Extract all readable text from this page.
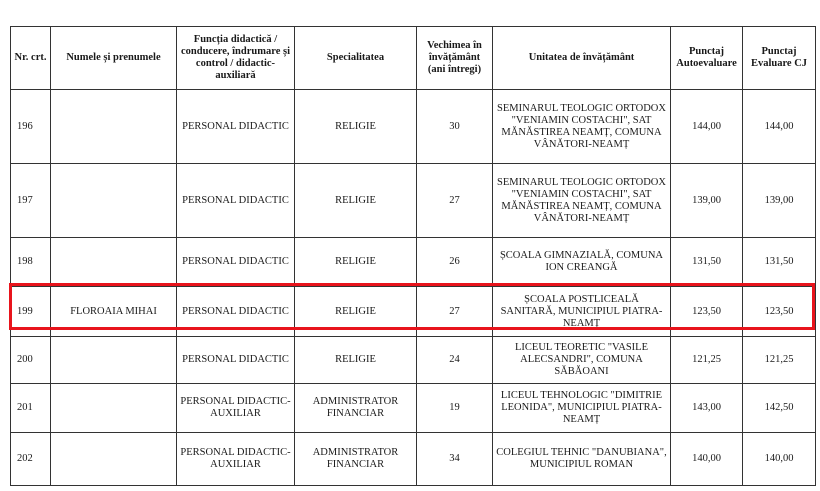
Nr. crt.	Numele și prenumele	Funcția didactică / conducere, îndrumare și control / didactic-auxiliară	Specialitatea	Vechimea în învățământ (ani întregi)	Unitatea de învățământ	Punctaj Autoevaluare	Punctaj Evaluare CJ
196		PERSONAL DIDACTIC	RELIGIE	30	SEMINARUL TEOLOGIC ORTODOX "VENIAMIN COSTACHI", SAT MĂNĂSTIREA NEAMȚ, COMUNA VÂNĂTORI-NEAMȚ	144,00	144,00
197		PERSONAL DIDACTIC	RELIGIE	27	SEMINARUL TEOLOGIC ORTODOX "VENIAMIN COSTACHI", SAT MĂNĂSTIREA NEAMȚ, COMUNA VÂNĂTORI-NEAMȚ	139,00	139,00
198		PERSONAL DIDACTIC	RELIGIE	26	ȘCOALA GIMNAZIALĂ, COMUNA ION CREANGĂ	131,50	131,50
199	FLOROAIA MIHAI	PERSONAL DIDACTIC	RELIGIE	27	ȘCOALA POSTLICEALĂ SANITARĂ, MUNICIPIUL PIATRA-NEAMȚ	123,50	123,50
200		PERSONAL DIDACTIC	RELIGIE	24	LICEUL TEORETIC "VASILE ALECSANDRI", COMUNA SĂBĂOANI	121,25	121,25
201		PERSONAL DIDACTIC-AUXILIAR	ADMINISTRATOR FINANCIAR	19	LICEUL TEHNOLOGIC "DIMITRIE LEONIDA", MUNICIPIUL PIATRA-NEAMȚ	143,00	142,50
202		PERSONAL DIDACTIC-AUXILIAR	ADMINISTRATOR FINANCIAR	34	COLEGIUL TEHNIC "DANUBIANA", MUNICIPIUL ROMAN	140,00	140,00
